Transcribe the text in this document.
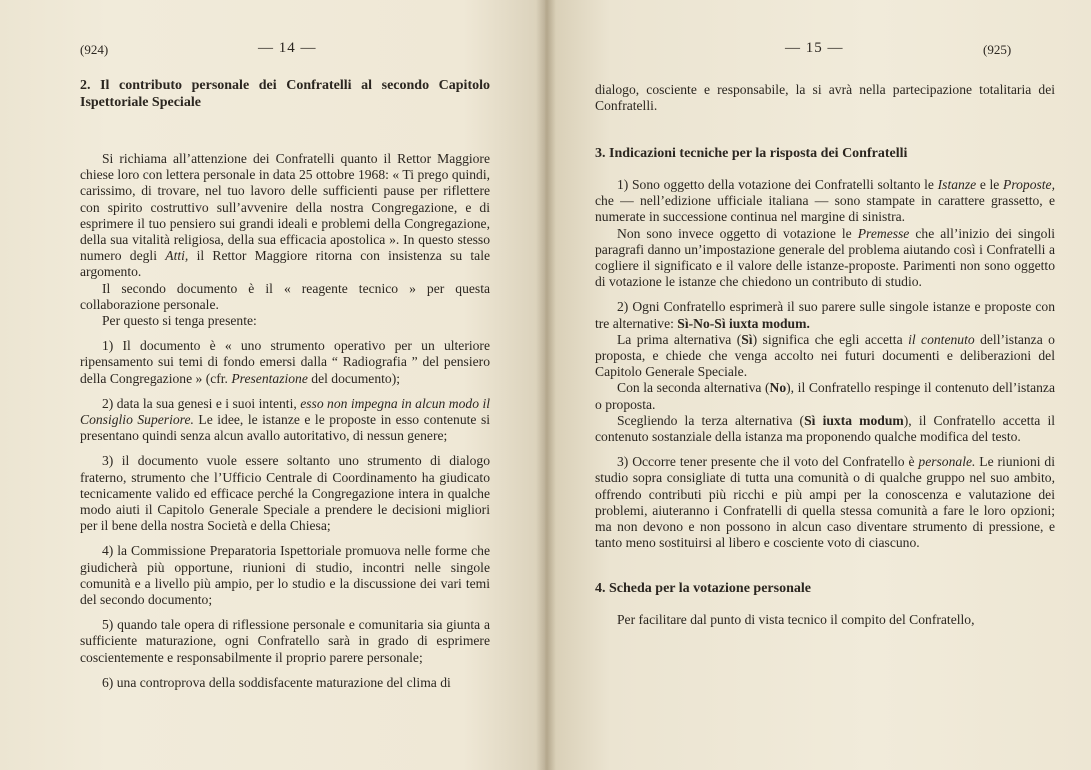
(924)	— 14 —

2. Il contributo personale dei Confratelli al secondo Capitolo Ispettoriale Speciale

Si richiama all’attenzione dei Confratelli quanto il Rettor Maggiore chiese loro con lettera personale in data 25 ottobre 1968: « Ti prego quindi, carissimo, di trovare, nel tuo lavoro delle sufficienti pause per riflettere con spirito costruttivo sull’avvenire della nostra Congregazione, e di esprimere il tuo pensiero sui grandi ideali e problemi della Congregazione, della sua vitalità religiosa, della sua efficacia apostolica ». In questo stesso numero degli Atti, il Rettor Maggiore ritorna con insistenza su tale argomento.

Il secondo documento è il « reagente tecnico » per questa collaborazione personale.

Per questo si tenga presente:

1) Il documento è « uno strumento operativo per un ulteriore ripensamento sui temi di fondo emersi dalla “ Radiografia ” del pensiero della Congregazione » (cfr. Presentazione del documento);

2) data la sua genesi e i suoi intenti, esso non impegna in alcun modo il Consiglio Superiore. Le idee, le istanze e le proposte in esso contenute si presentano quindi senza alcun avallo autoritativo, di nessun genere;

3) il documento vuole essere soltanto uno strumento di dialogo fraterno, strumento che l’Ufficio Centrale di Coordinamento ha giudicato tecnicamente valido ed efficace perché la Congregazione intera in qualche modo aiuti il Capitolo Generale Speciale a prendere le decisioni migliori per il bene della nostra Società e della Chiesa;

4) la Commissione Preparatoria Ispettoriale promuova nelle forme che giudicherà più opportune, riunioni di studio, incontri nelle singole comunità e a livello più ampio, per lo studio e la discussione dei vari temi del secondo documento;

5) quando tale opera di riflessione personale e comunitaria sia giunta a sufficiente maturazione, ogni Confratello sarà in grado di esprimere coscientemente e responsabilmente il proprio parere personale;

6) una controprova della soddisfacente maturazione del clima di

— 15 —	(925)

dialogo, cosciente e responsabile, la si avrà nella partecipazione totalitaria dei Confratelli.

3. Indicazioni tecniche per la risposta dei Confratelli

1) Sono oggetto della votazione dei Confratelli soltanto le Istanze e le Proposte, che — nell’edizione ufficiale italiana — sono stampate in carattere grassetto, e numerate in successione continua nel margine di sinistra.

Non sono invece oggetto di votazione le Premesse che all’inizio dei singoli paragrafi danno un’impostazione generale del problema aiutando così i Confratelli a cogliere il significato e il valore delle istanze-proposte. Parimenti non sono oggetto di votazione le istanze che chiedono un contributo di studio.

2) Ogni Confratello esprimerà il suo parere sulle singole istanze e proposte con tre alternative: Sì-No-Sì iuxta modum.

La prima alternativa (Sì) significa che egli accetta il contenuto dell’istanza o proposta, e chiede che venga accolto nei futuri documenti e deliberazioni del Capitolo Generale Speciale.

Con la seconda alternativa (No), il Confratello respinge il contenuto dell’istanza o proposta.

Scegliendo la terza alternativa (Sì iuxta modum), il Confratello accetta il contenuto sostanziale della istanza ma proponendo qualche modifica del testo.

3) Occorre tener presente che il voto del Confratello è personale. Le riunioni di studio sopra consigliate di tutta una comunità o di qualche gruppo nel suo ambito, offrendo contributi più ricchi e più ampi per la conoscenza e valutazione dei problemi, aiuteranno i Confratelli di quella stessa comunità a fare le loro opzioni; ma non devono e non possono in alcun caso diventare strumento di pressione, e tanto meno sostituirsi al libero e cosciente voto di ciascuno.

4. Scheda per la votazione personale

Per facilitare dal punto di vista tecnico il compito del Confratello,
